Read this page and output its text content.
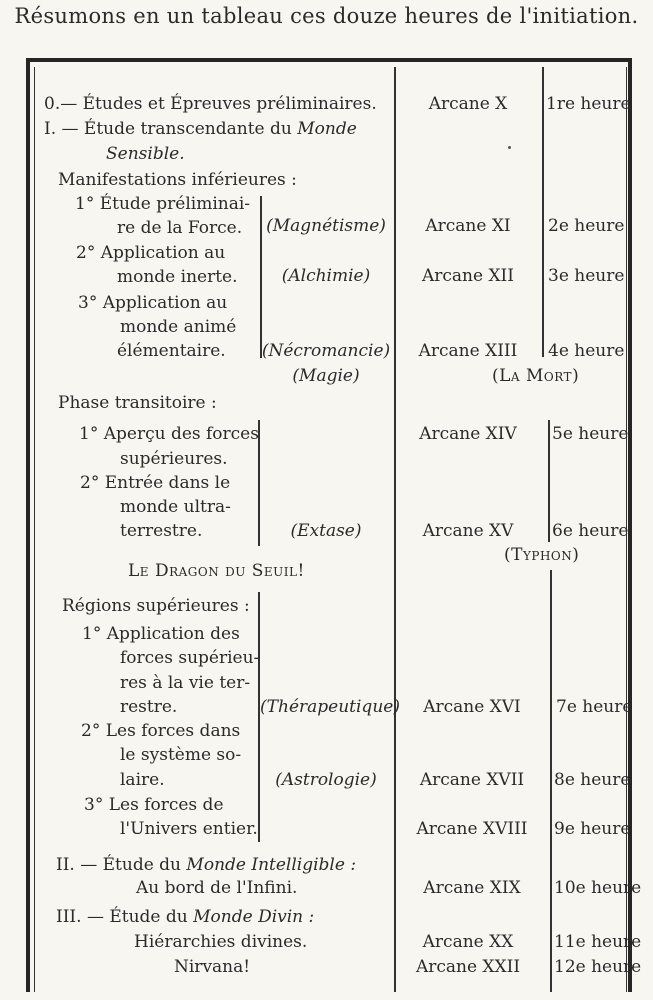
Résumons en un tableau ces douze heures de l'initiation.
0.— Études et Épreuves préliminaires.
I. — Étude transcendante du Monde
Sensible.
Manifestations inférieures :
1° Étude préliminai-
re de la Force.
2° Application au
monde inerte.
3° Application au
monde animé
élémentaire.
Phase transitoire :
1° Aperçu des forces
supérieures.
2° Entrée dans le
monde ultra-
terrestre.
Le Dragon du Seuil!
Régions supérieures :
1° Application des
forces supérieu-
res à la vie ter-
restre.
2° Les forces dans
le système so-
laire.
3° Les forces de
l'Univers entier.
II. — Étude du Monde Intelligible :
Au bord de l'Infini.
III. — Étude du Monde Divin :
Hiérarchies divines.
Nirvana!
(Magnétisme)
(Alchimie)
(Nécromancie)
(Magie)
(Extase)
(Thérapeutique)
(Astrologie)
Arcane X
Arcane XI
Arcane XII
Arcane XIII
(La Mort)
Arcane XIV
Arcane XV
(Typhon)
Arcane XVI
Arcane XVII
Arcane XVIII
Arcane XIX
Arcane XX
Arcane XXII
1re heure
2e heure
3e heure
4e heure
5e heure
6e heure
7e heure
8e heure
9e heure
10e heure
11e heure
12e heure
